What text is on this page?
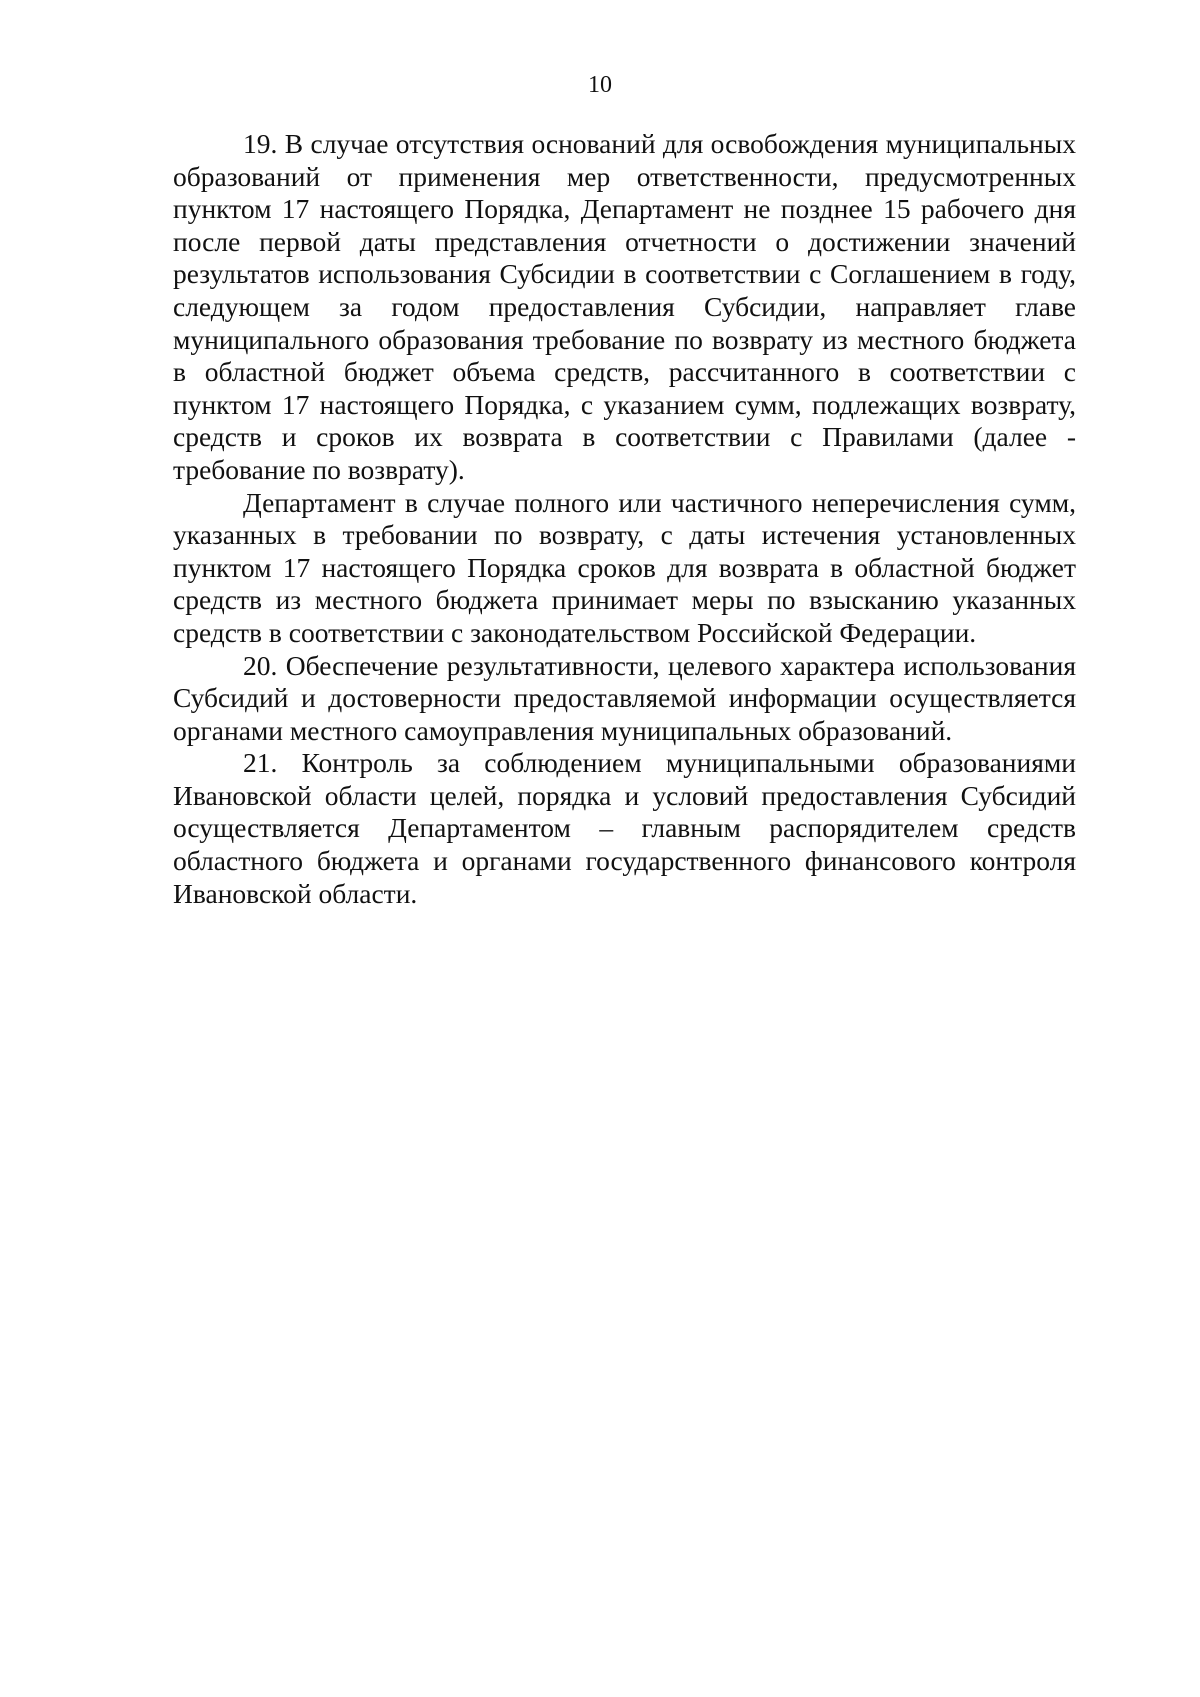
10

19. В случае отсутствия оснований для освобождения муниципальных образований от применения мер ответственности, предусмотренных пунктом 17 настоящего Порядка, Департамент не позднее 15 рабочего дня после первой даты представления отчетности о достижении значений результатов использования Субсидии в соответствии с Соглашением в году, следующем за годом предоставления Субсидии, направляет главе муниципального образования требование по возврату из местного бюджета в областной бюджет объема средств, рассчитанного в соответствии с пунктом 17 настоящего Порядка, с указанием сумм, подлежащих возврату, средств и сроков их возврата в соответствии с Правилами (далее - требование по возврату).

Департамент в случае полного или частичного неперечисления сумм, указанных в требовании по возврату, с даты истечения установленных пунктом 17 настоящего Порядка сроков для возврата в областной бюджет средств из местного бюджета принимает меры по взысканию указанных средств в соответствии с законодательством Российской Федерации.

20. Обеспечение результативности, целевого характера использования Субсидий и достоверности предоставляемой информации осуществляется органами местного самоуправления муниципальных образований.

21. Контроль за соблюдением муниципальными образованиями Ивановской области целей, порядка и условий предоставления Субсидий осуществляется Департаментом – главным распорядителем средств областного бюджета и органами государственного финансового контроля Ивановской области.
